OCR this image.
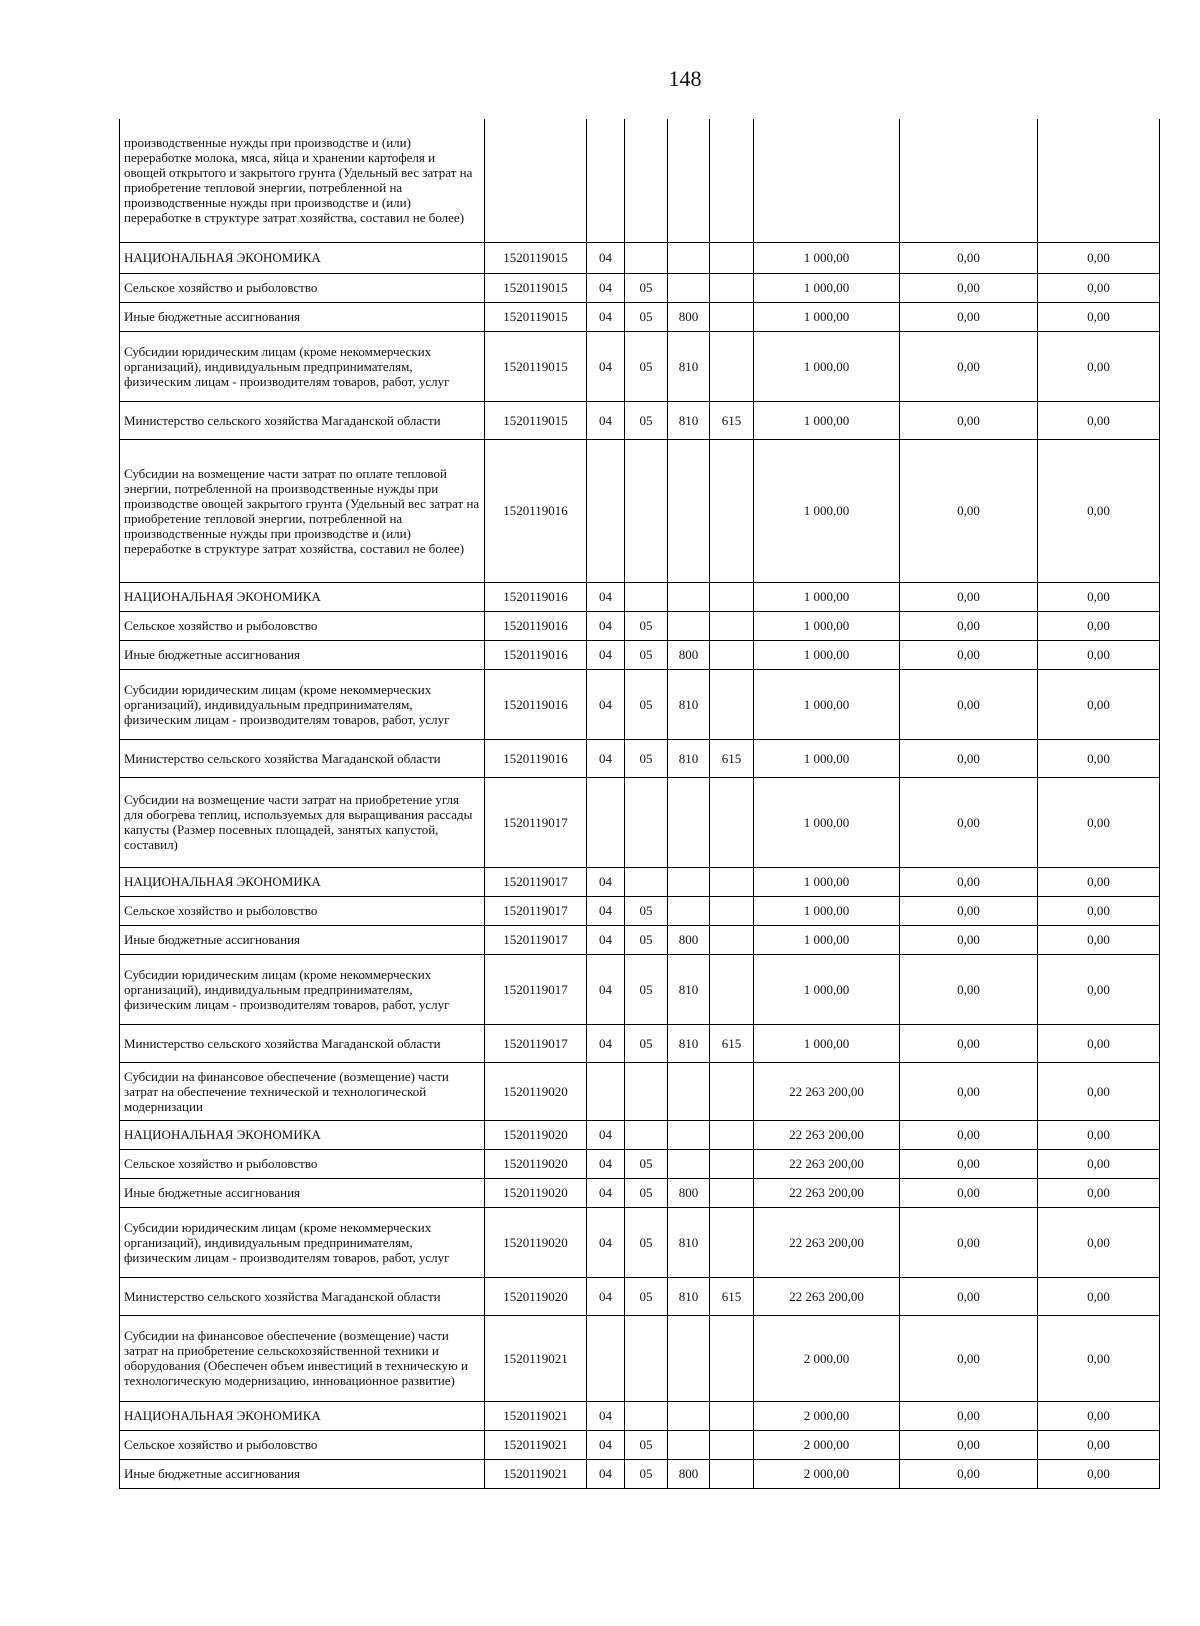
148
производственные нужды при производстве и (или) переработке молока, мяса, яйца и хранении картофеля и овощей открытого и закрытого грунта (Удельный вес затрат на приобретение тепловой энергии, потребленной на производственные нужды при производстве и (или) переработке в структуре затрат хозяйства, составил не более)								
НАЦИОНАЛЬНАЯ ЭКОНОМИКА	1520119015	04				1 000,00	0,00	0,00
Сельское хозяйство и рыболовство	1520119015	04	05			1 000,00	0,00	0,00
Иные бюджетные ассигнования	1520119015	04	05	800		1 000,00	0,00	0,00
Субсидии юридическим лицам (кроме некоммерческих организаций), индивидуальным предпринимателям, физическим лицам - производителям товаров, работ, услуг	1520119015	04	05	810		1 000,00	0,00	0,00
Министерство сельского хозяйства Магаданской области	1520119015	04	05	810	615	1 000,00	0,00	0,00
Субсидии на возмещение части затрат по оплате тепловой энергии, потребленной на производственные нужды при производстве овощей закрытого грунта (Удельный вес затрат на приобретение тепловой энергии, потребленной на производственные нужды при производстве и (или) переработке в структуре затрат хозяйства, составил не более)	1520119016					1 000,00	0,00	0,00
НАЦИОНАЛЬНАЯ ЭКОНОМИКА	1520119016	04				1 000,00	0,00	0,00
Сельское хозяйство и рыболовство	1520119016	04	05			1 000,00	0,00	0,00
Иные бюджетные ассигнования	1520119016	04	05	800		1 000,00	0,00	0,00
Субсидии юридическим лицам (кроме некоммерческих организаций), индивидуальным предпринимателям, физическим лицам - производителям товаров, работ, услуг	1520119016	04	05	810		1 000,00	0,00	0,00
Министерство сельского хозяйства Магаданской области	1520119016	04	05	810	615	1 000,00	0,00	0,00
Субсидии на возмещение части затрат на приобретение угля для обогрева теплиц, используемых для выращивания рассады капусты (Размер посевных площадей, занятых капустой, составил)	1520119017					1 000,00	0,00	0,00
НАЦИОНАЛЬНАЯ ЭКОНОМИКА	1520119017	04				1 000,00	0,00	0,00
Сельское хозяйство и рыболовство	1520119017	04	05			1 000,00	0,00	0,00
Иные бюджетные ассигнования	1520119017	04	05	800		1 000,00	0,00	0,00
Субсидии юридическим лицам (кроме некоммерческих организаций), индивидуальным предпринимателям, физическим лицам - производителям товаров, работ, услуг	1520119017	04	05	810		1 000,00	0,00	0,00
Министерство сельского хозяйства Магаданской области	1520119017	04	05	810	615	1 000,00	0,00	0,00
Субсидии на финансовое обеспечение (возмещение) части затрат на обеспечение технической и технологической модернизации	1520119020					22 263 200,00	0,00	0,00
НАЦИОНАЛЬНАЯ ЭКОНОМИКА	1520119020	04				22 263 200,00	0,00	0,00
Сельское хозяйство и рыболовство	1520119020	04	05			22 263 200,00	0,00	0,00
Иные бюджетные ассигнования	1520119020	04	05	800		22 263 200,00	0,00	0,00
Субсидии юридическим лицам (кроме некоммерческих организаций), индивидуальным предпринимателям, физическим лицам - производителям товаров, работ, услуг	1520119020	04	05	810		22 263 200,00	0,00	0,00
Министерство сельского хозяйства Магаданской области	1520119020	04	05	810	615	22 263 200,00	0,00	0,00
Субсидии на финансовое обеспечение (возмещение) части затрат на приобретение сельскохозяйственной техники и оборудования (Обеспечен объем инвестиций в техническую и технологическую модернизацию, инновационное развитие)	1520119021					2 000,00	0,00	0,00
НАЦИОНАЛЬНАЯ ЭКОНОМИКА	1520119021	04				2 000,00	0,00	0,00
Сельское хозяйство и рыболовство	1520119021	04	05			2 000,00	0,00	0,00
Иные бюджетные ассигнования	1520119021	04	05	800		2 000,00	0,00	0,00
